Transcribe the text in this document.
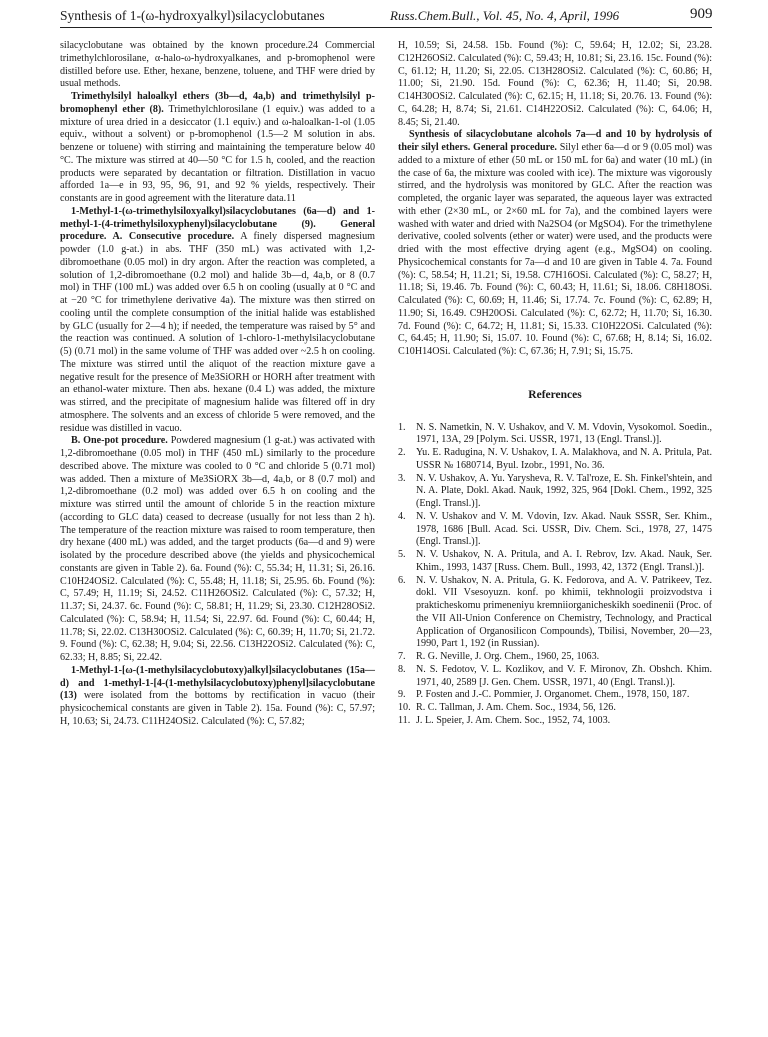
Synthesis of 1-(ω-hydroxyalkyl)silacyclobutanes	Russ.Chem.Bull., Vol. 45, No. 4, April, 1996	909

silacyclobutane was obtained by the known procedure.24 Commercial trimethylchlorosilane, α-halo-ω-hydroxyalkanes, and p-bromophenol were distilled before use. Ether, hexane, benzene, toluene, and THF were dried by usual methods.

Trimethylsilyl haloalkyl ethers (3b—d, 4a,b) and trimethylsilyl p-bromophenyl ether (8). Trimethylchlorosilane (1 equiv.) was added to a mixture of urea dried in a desiccator (1.1 equiv.) and ω-haloalkan-1-ol (1.05 equiv., without a solvent) or p-bromophenol (1.5—2 M solution in abs. benzene or toluene) with stirring and maintaining the temperature below 40 °C. The mixture was stirred at 40—50 °C for 1.5 h, cooled, and the reaction products were separated by decantation or filtration. Distillation in vacuo afforded 1a—e in 93, 95, 96, 91, and 92 % yields, respectively. Their constants are in good agreement with the literature data.11

1-Methyl-1-(ω-trimethylsiloxyalkyl)silacyclobutanes (6a—d) and 1-methyl-1-(4-trimethylsiloxyphenyl)silacyclobutane (9). General procedure. A. Consecutive procedure. A finely dispersed magnesium powder (1.0 g-at.) in abs. THF (350 mL) was activated with 1,2-dibromoethane (0.05 mol) in dry argon. After the reaction was completed, a solution of 1,2-dibromoethane (0.2 mol) and halide 3b—d, 4a,b, or 8 (0.7 mol) in THF (100 mL) was added over 6.5 h on cooling (usually at 0 °C and at −20 °C for trimethylene derivative 4a). The mixture was then stirred on cooling until the complete consumption of the initial halide was established by GLC (usually for 2—4 h); if needed, the temperature was raised by 5° and the reaction was continued. A solution of 1-chloro-1-methylsilacyclobutane (5) (0.71 mol) in the same volume of THF was added over ~2.5 h on cooling. The mixture was stirred until the aliquot of the reaction mixture gave a negative result for the presence of Me3SiORH or HORH after treatment with an ethanol-water mixture. Then abs. hexane (0.4 L) was added, the mixture was stirred, and the precipitate of magnesium halide was filtered off in dry atmosphere. The solvents and an excess of chloride 5 were removed, and the residue was distilled in vacuo.

B. One-pot procedure. Powdered magnesium (1 g-at.) was activated with 1,2-dibromoethane (0.05 mol) in THF (450 mL) similarly to the procedure described above. The mixture was cooled to 0 °C and chloride 5 (0.71 mol) was added. Then a mixture of Me3SiORX 3b—d, 4a,b, or 8 (0.7 mol) and 1,2-dibromoethane (0.2 mol) was added over 6.5 h on cooling and the mixture was stirred until the amount of chloride 5 in the reaction mixture (according to GLC data) ceased to decrease (usually for not less than 2 h). The temperature of the reaction mixture was raised to room temperature, then dry hexane (400 mL) was added, and the target products (6a—d and 9) were isolated by the procedure described above (the yields and physicochemical constants are given in Table 2). 6a. Found (%): C, 55.34; H, 11.31; Si, 26.16. C10H24OSi2. Calculated (%): C, 55.48; H, 11.18; Si, 25.95. 6b. Found (%): C, 57.49; H, 11.19; Si, 24.52. C11H26OSi2. Calculated (%): C, 57.32; H, 11.37; Si, 24.37. 6c. Found (%): C, 58.81; H, 11.29; Si, 23.30. C12H28OSi2. Calculated (%): C, 58.94; H, 11.54; Si, 22.97. 6d. Found (%): C, 60.44; H, 11.78; Si, 22.02. C13H30OSi2. Calculated (%): C, 60.39; H, 11.70; Si, 21.72. 9. Found (%): C, 62.38; H, 9.04; Si, 22.56. C13H22OSi2. Calculated (%): C, 62.33; H, 8.85; Si, 22.42.

1-Methyl-1-[ω-(1-methylsilacyclobutoxy)alkyl]silacyclobutanes (15a—d) and 1-methyl-1-[4-(1-methylsilacyclobutoxy)phenyl]silacyclobutane (13) were isolated from the bottoms by rectification in vacuo (their physicochemical constants are given in Table 2). 15a. Found (%): C, 57.97; H, 10.63; Si, 24.73. C11H24OSi2. Calculated (%): C, 57.82;

H, 10.59; Si, 24.58. 15b. Found (%): C, 59.64; H, 12.02; Si, 23.28. C12H26OSi2. Calculated (%): C, 59.43; H, 10.81; Si, 23.16. 15c. Found (%): C, 61.12; H, 11.20; Si, 22.05. C13H28OSi2. Calculated (%): C, 60.86; H, 11.00; Si, 21.90. 15d. Found (%): C, 62.36; H, 11.40; Si, 20.98. C14H30OSi2. Calculated (%): C, 62.15; H, 11.18; Si, 20.76. 13. Found (%): C, 64.28; H, 8.74; Si, 21.61. C14H22OSi2. Calculated (%): C, 64.06; H, 8.45; Si, 21.40.

Synthesis of silacyclobutane alcohols 7a—d and 10 by hydrolysis of their silyl ethers. General procedure. Silyl ether 6a—d or 9 (0.05 mol) was added to a mixture of ether (50 mL or 150 mL for 6a) and water (10 mL) (in the case of 6a, the mixture was cooled with ice). The mixture was vigorously stirred, and the hydrolysis was monitored by GLC. After the reaction was completed, the organic layer was separated, the aqueous layer was extracted with ether (2×30 mL, or 2×60 mL for 7a), and the combined layers were washed with water and dried with Na2SO4 (or MgSO4). For the trimethylene derivative, cooled solvents (ether or water) were used, and the products were dried with the most effective drying agent (e.g., MgSO4) on cooling. Physicochemical constants for 7a—d and 10 are given in Table 4. 7a. Found (%): C, 58.54; H, 11.21; Si, 19.58. C7H16OSi. Calculated (%): C, 58.27; H, 11.18; Si, 19.46. 7b. Found (%): C, 60.43; H, 11.61; Si, 18.06. C8H18OSi. Calculated (%): C, 60.69; H, 11.46; Si, 17.74. 7c. Found (%): C, 62.89; H, 11.90; Si, 16.49. C9H20OSi. Calculated (%): C, 62.72; H, 11.70; Si, 16.30. 7d. Found (%): C, 64.72; H, 11.81; Si, 15.33. C10H22OSi. Calculated (%): C, 64.45; H, 11.90; Si, 15.07. 10. Found (%): C, 67.68; H, 8.14; Si, 16.02. C10H14OSi. Calculated (%): C, 67.36; H, 7.91; Si, 15.75.

References
1. N. S. Nametkin, N. V. Ushakov, and V. M. Vdovin, Vysokomol. Soedin., 1971, 13A, 29 [Polym. Sci. USSR, 1971, 13 (Engl. Transl.)].
2. Yu. E. Radugina, N. V. Ushakov, I. A. Malakhova, and N. A. Pritula, Pat. USSR № 1680714, Byul. Izobr., 1991, No. 36.
3. N. V. Ushakov, A. Yu. Yarysheva, R. V. Tal'roze, E. Sh. Finkel'shtein, and N. A. Plate, Dokl. Akad. Nauk, 1992, 325, 964 [Dokl. Chem., 1992, 325 (Engl. Transl.)].
4. N. V. Ushakov and V. M. Vdovin, Izv. Akad. Nauk SSSR, Ser. Khim., 1978, 1686 [Bull. Acad. Sci. USSR, Div. Chem. Sci., 1978, 27, 1475 (Engl. Transl.)].
5. N. V. Ushakov, N. A. Pritula, and A. I. Rebrov, Izv. Akad. Nauk, Ser. Khim., 1993, 1437 [Russ. Chem. Bull., 1993, 42, 1372 (Engl. Transl.)].
6. N. V. Ushakov, N. A. Pritula, G. K. Fedorova, and A. V. Patrikeev, Tez. dokl. VII Vsesoyuzn. konf. po khimii, tekhnologii proizvodstva i prakticheskomu primeneniyu kremniiorganicheskikh soedinenii (Proc. of the VII All-Union Conference on Chemistry, Technology, and Practical Application of Organosilicon Compounds), Tbilisi, November, 20—23, 1990, Part 1, 192 (in Russian).
7. R. G. Neville, J. Org. Chem., 1960, 25, 1063.
8. N. S. Fedotov, V. L. Kozlikov, and V. F. Mironov, Zh. Obshch. Khim. 1971, 40, 2589 [J. Gen. Chem. USSR, 1971, 40 (Engl. Transl.)].
9. P. Fosten and J.-C. Pommier, J. Organomet. Chem., 1978, 150, 187.
10. R. C. Tallman, J. Am. Chem. Soc., 1934, 56, 126.
11. J. L. Speier, J. Am. Chem. Soc., 1952, 74, 1003.
